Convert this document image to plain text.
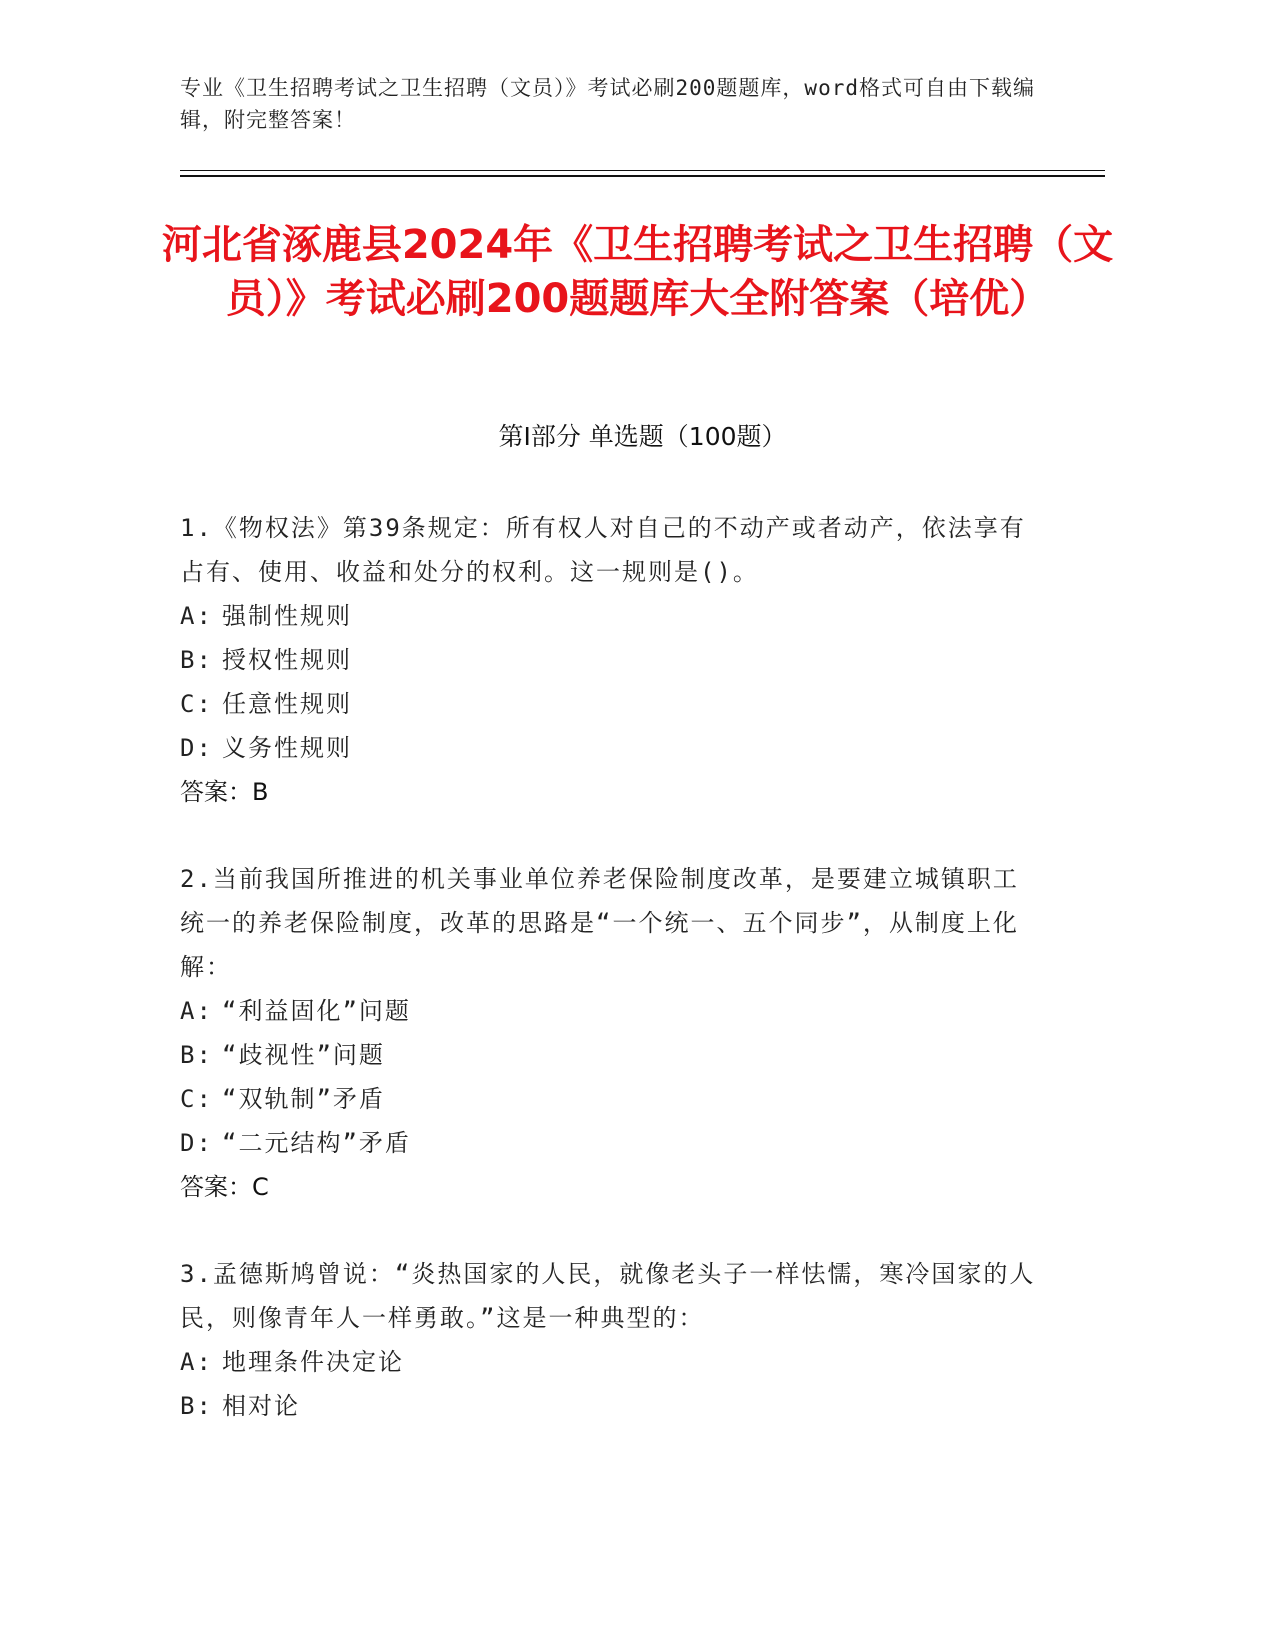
专业《卫生招聘考试之卫生招聘（文员）》考试必刷200题题库，word格式可自由下载编辑，附完整答案！
河北省涿鹿县2024年《卫生招聘考试之卫生招聘（文员）》考试必刷200题题库大全附答案（培优）
第Ⅰ部分 单选题（100题）
1.《物权法》第39条规定：所有权人对自己的不动产或者动产，依法享有占有、使用、收益和处分的权利。这一规则是()。
A: 强制性规则
B: 授权性规则
C: 任意性规则
D: 义务性规则
答案：B
2.当前我国所推进的机关事业单位养老保险制度改革，是要建立城镇职工统一的养老保险制度，改革的思路是“一个统一、五个同步”，从制度上化解：
A: “利益固化”问题
B: “歧视性”问题
C: “双轨制”矛盾
D: “二元结构”矛盾
答案：C
3.孟德斯鸠曾说：“炎热国家的人民，就像老头子一样怯懦，寒冷国家的人民，则像青年人一样勇敢。”这是一种典型的：
A: 地理条件决定论
B: 相对论
